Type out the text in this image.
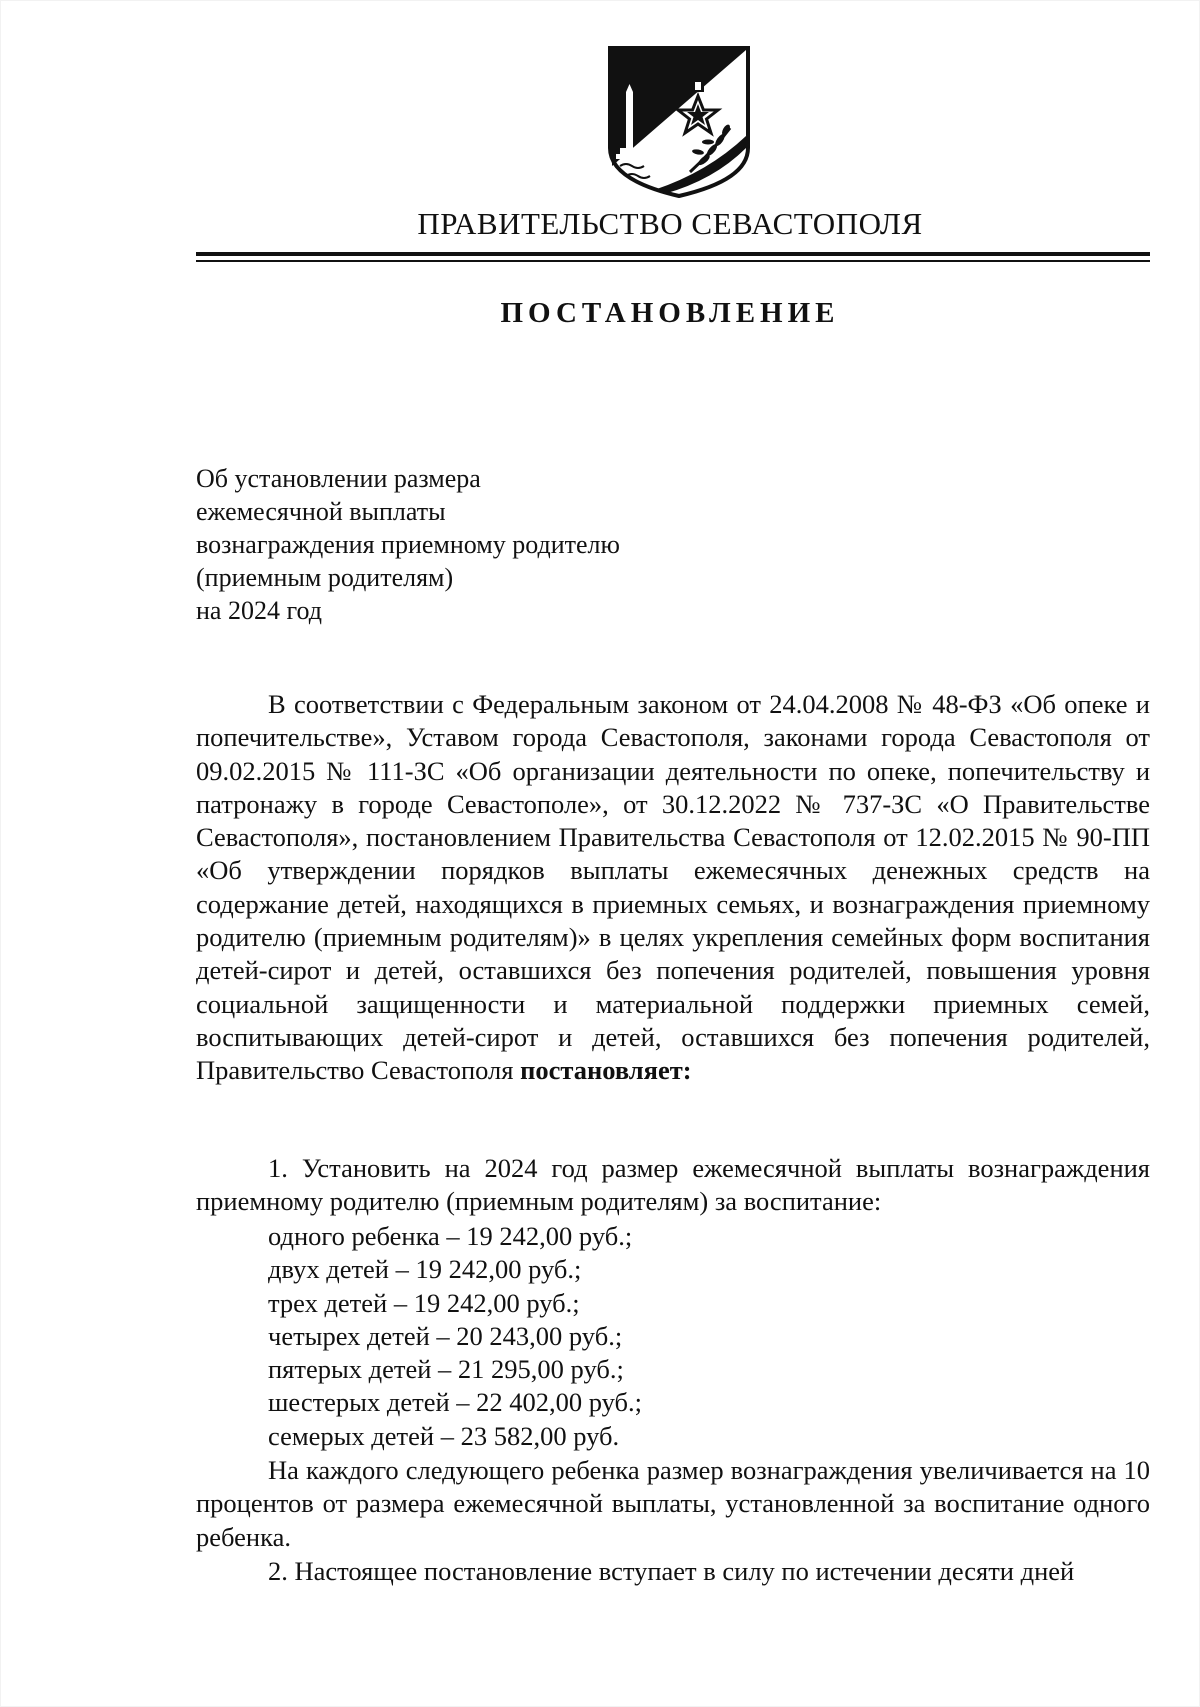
ПРАВИТЕЛЬСТВО СЕВАСТОПОЛЯ
ПОСТАНОВЛЕНИЕ
Об установлении размера
ежемесячной выплаты
вознаграждения приемному родителю
(приемным родителям)
на 2024 год
В соответствии с Федеральным законом от 24.04.2008 № 48-ФЗ «Об опеке и попечительстве», Уставом города Севастополя, законами города Севастополя от 09.02.2015 № 111-ЗС «Об организации деятельности по опеке, попечительству и патронажу в городе Севастополе», от 30.12.2022 № 737-ЗС «О Правительстве Севастополя», постановлением Правительства Севастополя от 12.02.2015 № 90-ПП «Об утверждении порядков выплаты ежемесячных денежных средств на содержание детей, находящихся в приемных семьях, и вознаграждения приемному родителю (приемным родителям)» в целях укрепления семейных форм воспитания детей-сирот и детей, оставшихся без попечения родителей, повышения уровня социальной защищенности и материальной поддержки приемных семей, воспитывающих детей-сирот и детей, оставшихся без попечения родителей, Правительство Севастополя постановляет:
1. Установить на 2024 год размер ежемесячной выплаты вознаграждения приемному родителю (приемным родителям) за воспитание:
одного ребенка – 19 242,00 руб.;
двух детей – 19 242,00 руб.;
трех детей – 19 242,00 руб.;
четырех детей – 20 243,00 руб.;
пятерых детей – 21 295,00 руб.;
шестерых детей – 22 402,00 руб.;
семерых детей – 23 582,00 руб.
На каждого следующего ребенка размер вознаграждения увеличивается на 10 процентов от размера ежемесячной выплаты, установленной за воспитание одного ребенка.
2. Настоящее постановление вступает в силу по истечении десяти дней
